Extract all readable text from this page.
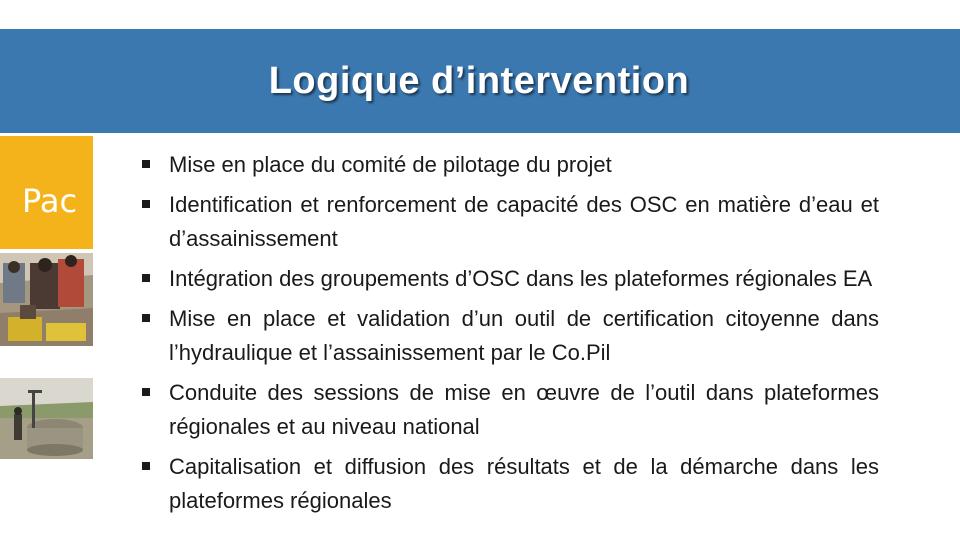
Logique d’intervention
Pac
Mise en place du comité de pilotage du projet
Identification et renforcement de capacité des OSC en matière d’eau et d’assainissement
Intégration des groupements d’OSC dans les plateformes régionales EA
Mise en place et validation d’un outil de certification citoyenne dans l’hydraulique et l’assainissement par le Co.Pil
Conduite des sessions de mise en œuvre de l’outil dans plateformes régionales et au niveau national
Capitalisation et diffusion des résultats et de la démarche dans les plateformes régionales
